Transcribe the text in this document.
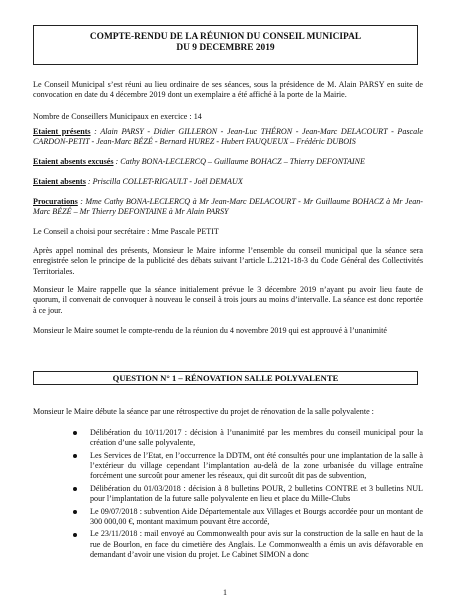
COMPTE-RENDU DE LA RÉUNION DU CONSEIL MUNICIPAL
DU 9 DECEMBRE 2019

Le Conseil Municipal s’est réuni au lieu ordinaire de ses séances, sous la présidence de M. Alain PARSY en suite de convocation en date du 4 décembre 2019 dont un exemplaire a été affiché à la porte de la Mairie.

Nombre de Conseillers Municipaux en exercice : 14

Etaient présents : Alain PARSY - Didier GILLERON - Jean-Luc THÉRON - Jean-Marc DELACOURT - Pascale CARDON-PETIT - Jean-Marc BÉZÉ - Bernard HUREZ - Hubert FAUQUEUX – Frédéric DUBOIS

Etaient absents excusés : Cathy BONA-LECLERCQ – Guillaume BOHACZ – Thierry DEFONTAINE

Etaient absents : Priscilla COLLET-RIGAULT - Joël DEMAUX

Procurations : Mme Cathy BONA-LECLERCQ à Mr Jean-Marc DELACOURT - Mr Guillaume BOHACZ à Mr Jean-Marc BÉZÉ – Mr Thierry DEFONTAINE à Mr Alain PARSY

Le Conseil a choisi pour secrétaire : Mme Pascale PETIT

Après appel nominal des présents, Monsieur le Maire informe l’ensemble du conseil municipal que la séance sera enregistrée selon le principe de la publicité des débats suivant l’article L.2121-18-3 du Code Général des Collectivités Territoriales.

Monsieur le Maire rappelle que la séance initialement prévue le 3 décembre 2019 n’ayant pu avoir lieu faute de quorum, il convenait de convoquer à nouveau le conseil à trois jours au moins d’intervalle. La séance est donc reportée à ce jour.

Monsieur le Maire soumet le compte-rendu de la réunion du 4 novembre 2019 qui est approuvé à l’unanimité

QUESTION N° 1 – RÉNOVATION SALLE POLYVALENTE

Monsieur le Maire débute la séance par une rétrospective du projet de rénovation de la salle polyvalente :

Délibération du 10/11/2017 : décision à l’unanimité par les membres du conseil municipal pour la création d’une salle polyvalente,
Les Services de l’Etat, en l’occurrence la DDTM, ont été consultés pour une implantation de la salle à l’extérieur du village cependant l’implantation au-delà de la zone urbanisée du village entraîne forcément une surcoût pour amener les réseaux, qui dit surcoût dit pas de subvention,
Délibération du 01/03/2018 : décision à 8 bulletins POUR, 2 bulletins CONTRE et 3 bulletins NUL pour l’implantation de la future salle polyvalente en lieu et place du Mille-Clubs
Le 09/07/2018 : subvention Aide Départementale aux Villages et Bourgs accordée pour un montant de 300 000,00 €, montant maximum pouvant être accordé,
Le 23/11/2018 : mail envoyé au Commonwealth pour avis sur la construction de la salle en haut de la rue de Bourlon, en face du cimetière des Anglais. Le Commonwealth a émis un avis défavorable en demandant d’avoir une vision du projet. Le Cabinet SIMON a donc
1
